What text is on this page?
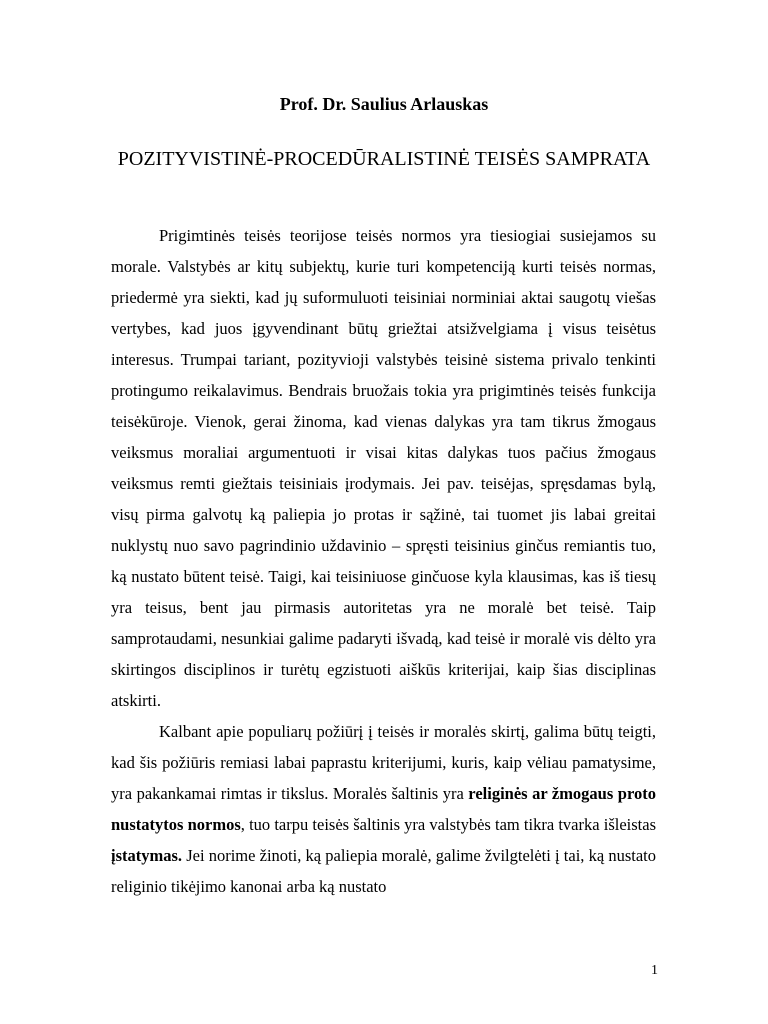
Prof. Dr. Saulius Arlauskas
POZITYVISTINĖ-PROCEDŪRALISTINĖ TEISĖS SAMPRATA

Prigimtinės teisės teorijose teisės normos yra tiesiogiai susiejamos su morale. Valstybės ar kitų subjektų, kurie turi kompetenciją kurti teisės normas, priedermė yra siekti, kad jų suformuluoti teisiniai norminiai aktai saugotų viešas vertybes, kad juos įgyvendinant būtų griežtai atsižvelgiama į visus teisėtus interesus. Trumpai tariant, pozityvioji valstybės teisinė sistema privalo tenkinti protingumo reikalavimus. Bendrais bruožais tokia yra prigimtinės teisės funkcija teisėkūroje. Vienok, gerai žinoma, kad vienas dalykas yra tam tikrus žmogaus veiksmus moraliai argumentuoti ir visai kitas dalykas tuos pačius žmogaus veiksmus remti giežtais teisiniais įrodymais. Jei pav. teisėjas, spręsdamas bylą, visų pirma galvotų ką paliepia jo protas ir sąžinė, tai tuomet jis labai greitai nuklystų nuo savo pagrindinio uždavinio – spręsti teisinius ginčus remiantis tuo, ką nustato būtent teisė. Taigi, kai teisiniuose ginčuose kyla klausimas, kas iš tiesų yra teisus, bent jau pirmasis autoritetas yra ne moralė bet teisė. Taip samprotaudami, nesunkiai galime padaryti išvadą, kad teisė ir moralė vis dėlto yra skirtingos disciplinos ir turėtų egzistuoti aiškūs kriterijai, kaip šias disciplinas atskirti.

Kalbant apie populiarų požiūrį į teisės ir moralės skirtį, galima būtų teigti, kad šis požiūris remiasi labai paprastu kriterijumi, kuris, kaip vėliau pamatysime, yra pakankamai rimtas ir tikslus. Moralės šaltinis yra religinės ar žmogaus proto nustatytos normos, tuo tarpu teisės šaltinis yra valstybės tam tikra tvarka išleistas įstatymas. Jei norime žinoti, ką paliepia moralė, galime žvilgtelėti į tai, ką nustato religinio tikėjimo kanonai arba ką nustato

1
